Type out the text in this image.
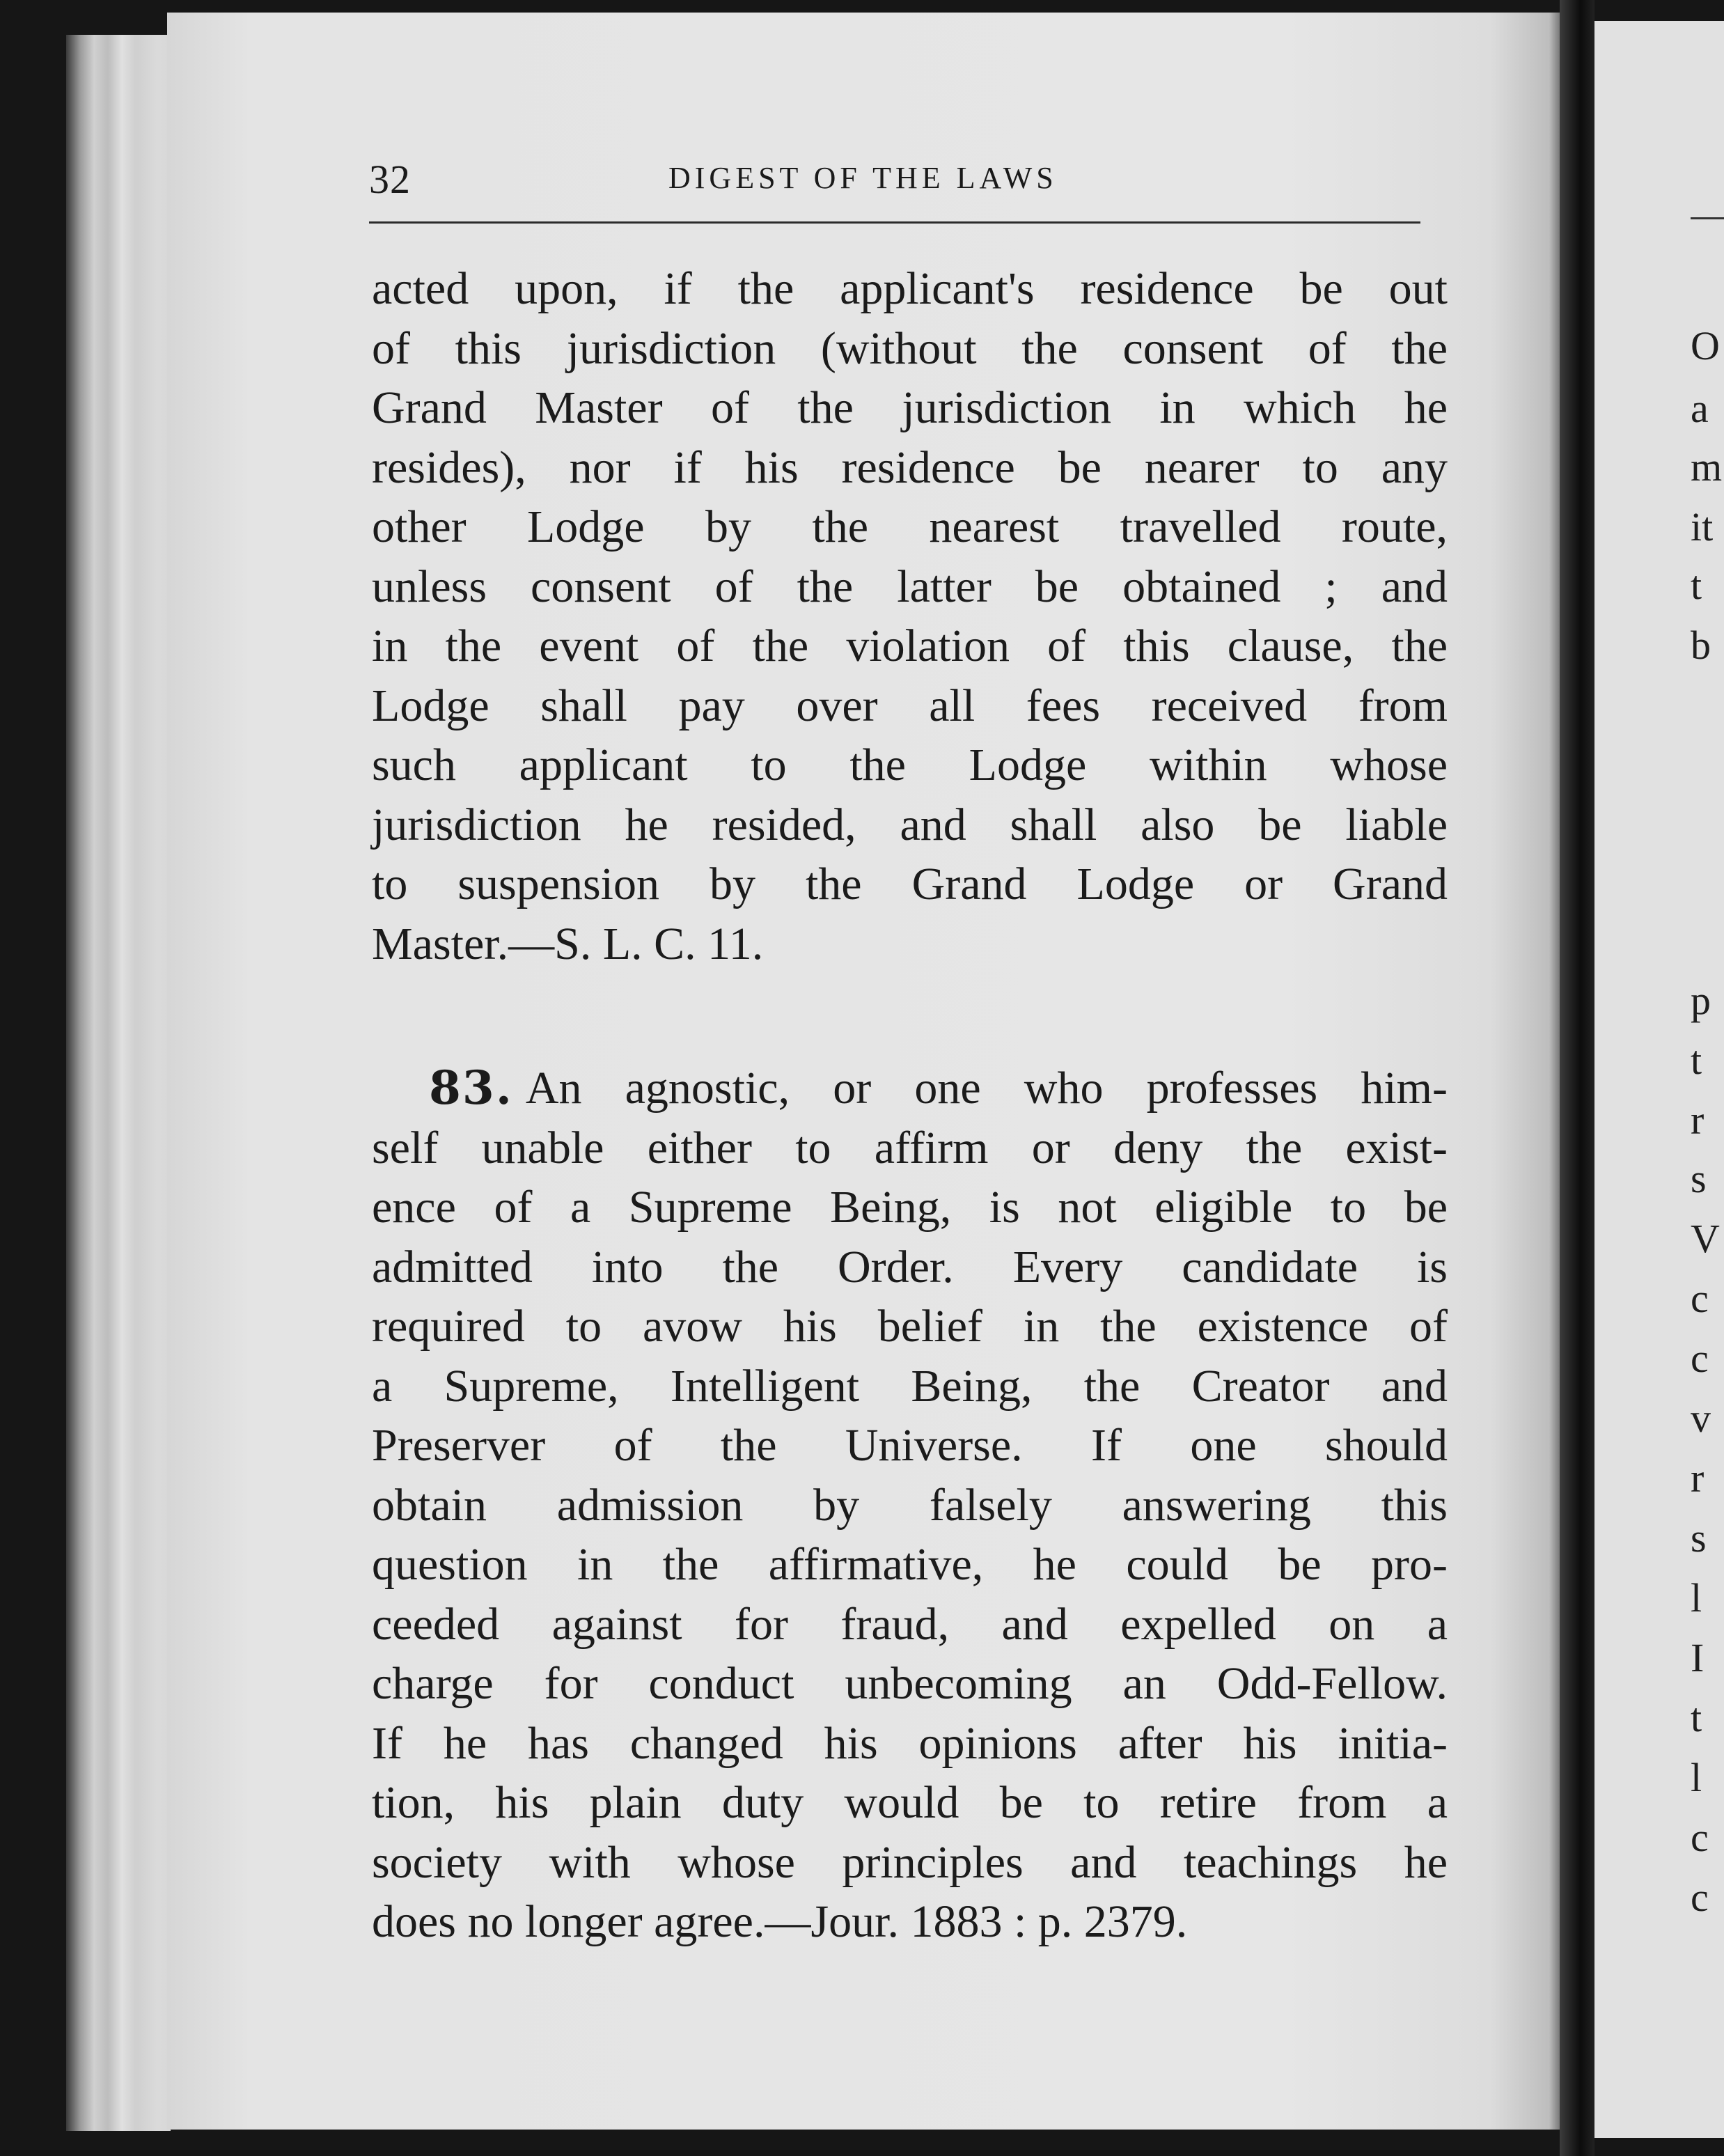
O
a
m
it
t
b
p
t
r
s
V
c
c
v
r
s
l
I
t
l
c
c
32	DIGEST OF THE LAWS
acted upon, if the applicant's residence be out
of this jurisdiction (without the consent of the
Grand Master of the jurisdiction in which he
resides), nor if his residence be nearer to any
other Lodge by the nearest travelled route,
unless consent of the latter be obtained ; and
in the event of the violation of this clause, the
Lodge shall pay over all fees received from
such applicant to the Lodge within whose
jurisdiction he resided, and shall also be liable
to suspension by the Grand Lodge or Grand
Master.—S. L. C. 11.
83. An agnostic, or one who professes him-
self unable either to affirm or deny the exist-
ence of a Supreme Being, is not eligible to be
admitted into the Order. Every candidate is
required to avow his belief in the existence of
a Supreme, Intelligent Being, the Creator and
Preserver of the Universe. If one should
obtain admission by falsely answering this
question in the affirmative, he could be pro-
ceeded against for fraud, and expelled on a
charge for conduct unbecoming an Odd-Fellow.
If he has changed his opinions after his initia-
tion, his plain duty would be to retire from a
society with whose principles and teachings he
does no longer agree.—Jour. 1883 : p. 2379.
